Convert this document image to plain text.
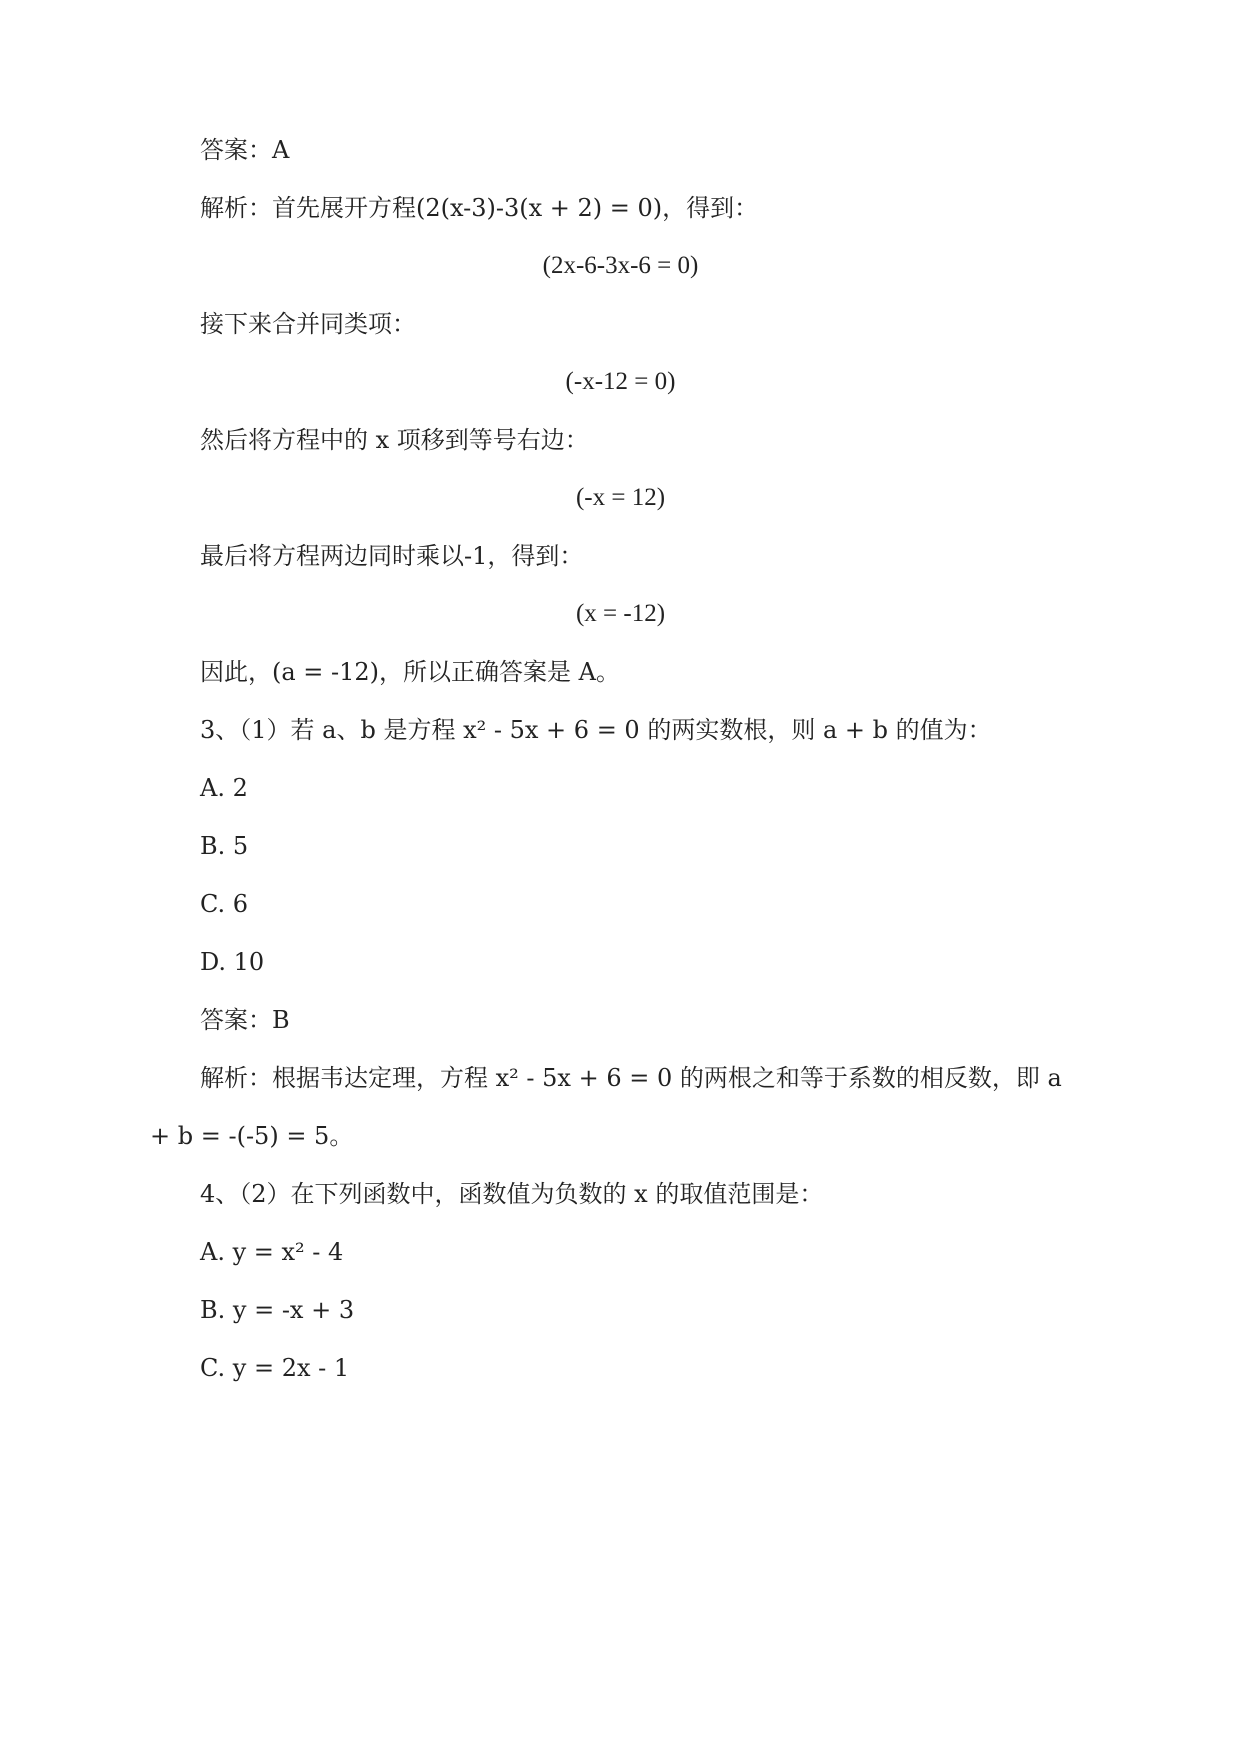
答案：A
解析：首先展开方程(2(x-3)-3(x + 2) = 0)，得到：
(2x-6-3x-6 = 0)
接下来合并同类项：
(-x-12 = 0)
然后将方程中的 x 项移到等号右边：
(-x = 12)
最后将方程两边同时乘以-1，得到：
(x = -12)
因此，(a = -12)，所以正确答案是 A。
3、（1）若 a、b 是方程 x² - 5x + 6 = 0 的两实数根，则 a + b 的值为：
A. 2
B. 5
C. 6
D. 10
答案：B
解析：根据韦达定理，方程 x² - 5x + 6 = 0 的两根之和等于系数的相反数，即 a
+ b = -(-5) = 5。
4、（2）在下列函数中，函数值为负数的 x 的取值范围是：
A. y = x² - 4
B. y = -x + 3
C. y = 2x - 1
